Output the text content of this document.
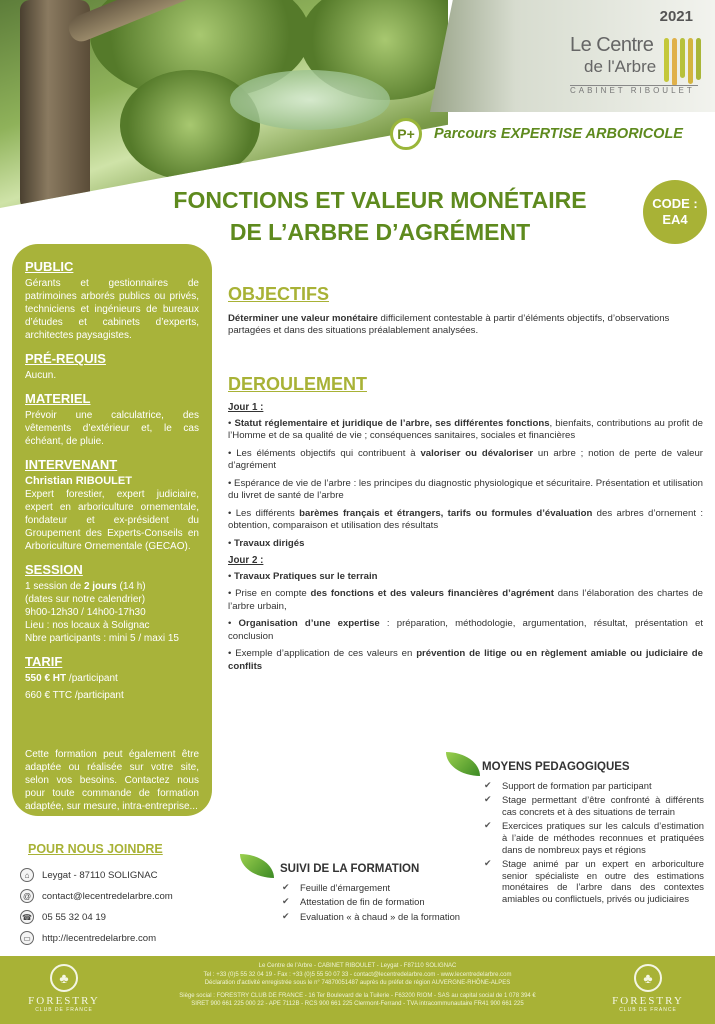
2021
Le Centre
de l'Arbre
CABINET RIBOULET
P+	Parcours EXPERTISE ARBORICOLE
FONCTIONS ET VALEUR MONÉTAIRE
DE L’ARBRE D’AGRÉMENT
CODE :
EA4
PUBLIC
Gérants et gestionnaires de patrimoines arborés publics ou privés, techniciens et ingénieurs de bureaux d’études et cabinets d’experts, architectes paysagistes.
PRÉ-REQUIS
Aucun.
MATERIEL
Prévoir une calculatrice, des vêtements d’extérieur et, le cas échéant, de pluie.
INTERVENANT
Christian RIBOULET
Expert forestier, expert judiciaire, expert en arboriculture ornementale, fondateur et ex-président du Groupement des Experts-Conseils en Arboriculture Ornementale (GECAO).
SESSION
1 session de 2 jours (14 h)
(dates sur notre calendrier)
9h00-12h30 / 14h00-17h30
Lieu : nos locaux à Solignac
Nbre participants : mini 5 / maxi 15
TARIF
550 € HT /participant
660 € TTC /participant
Cette formation peut également être adaptée ou réalisée sur votre site, selon vos besoins. Contactez nous pour toute commande de formation adaptée, sur mesure, intra-entreprise...
OBJECTIFS
Déterminer une valeur monétaire difficilement contestable à partir d’éléments objectifs, d’observations partagées et dans des situations préalablement analysées.
DEROULEMENT
Jour 1 :
• Statut réglementaire et juridique de l’arbre, ses différentes fonctions, bienfaits, contributions au profit de l’Homme et de sa qualité de vie ; conséquences sanitaires, sociales et financières
• Les éléments objectifs qui contribuent à valoriser ou dévaloriser un arbre ; notion de perte de valeur d’agrément
• Espérance de vie de l’arbre : les principes du diagnostic physiologique et sécuritaire. Présentation et utilisation du livret de santé de l’arbre
• Les différents barèmes français et étrangers, tarifs ou formules d’évaluation des arbres d’ornement : obtention, comparaison et utilisation des résultats
• Travaux dirigés
Jour 2 :
• Travaux Pratiques sur le terrain
• Prise en compte des fonctions et des valeurs financières d’agrément dans l’élaboration des chartes de l’arbre urbain,
• Organisation d’une expertise : préparation, méthodologie, argumentation, résultat, présentation et conclusion
• Exemple d’application de ces valeurs en prévention de litige ou en règlement amiable ou judiciaire de conflits
MOYENS PEDAGOGIQUES
✔ Support de formation par participant
✔ Stage permettant d’être confronté à différents cas concrets et à des situations de terrain
✔ Exercices pratiques sur les calculs d’estimation à l’aide de méthodes reconnues et pratiquées dans de nombreux pays et régions
✔ Stage animé par un expert en arboriculture senior spécialiste en outre des estimations monétaires de l’arbre dans des contextes amiables ou conflictuels, privés ou judiciaires
SUIVI DE LA FORMATION
✔ Feuille d’émargement
✔ Attestation de fin de formation
✔ Evaluation « à chaud » de la formation
POUR NOUS JOINDRE
⌂	Leygat - 87110 SOLIGNAC
@	contact@lecentredelarbre.com
☎ 05 55 32 04 19
▭	http://lecentredelarbre.com
♣
FORESTRY
CLUB DE FRANCE
Le Centre de l’Arbre - CABINET RIBOULET - Leygat - F87110 SOLIGNAC
Tel : +33 (0)5 55 32 04 19 - Fax : +33 (0)5 55 50 07 33 - contact@lecentredelarbre.com - www.lecentredelarbre.com
Déclaration d’activité enregistrée sous le n° 74870051487 auprès du préfet de région AUVERGNE-RHÔNE-ALPES
Siège social : FORESTRY CLUB DE FRANCE - 16 Ter Boulevard de la Tuilerie - F63200 RIOM - SAS au capital social de 1 078 394 €
SIRET 900 661 225 000 22 - APE 7112B - RCS 900 661 225 Clermont-Ferrand - TVA intracommunautaire FR41 900 661 225
♣
FORESTRY
CLUB DE FRANCE
